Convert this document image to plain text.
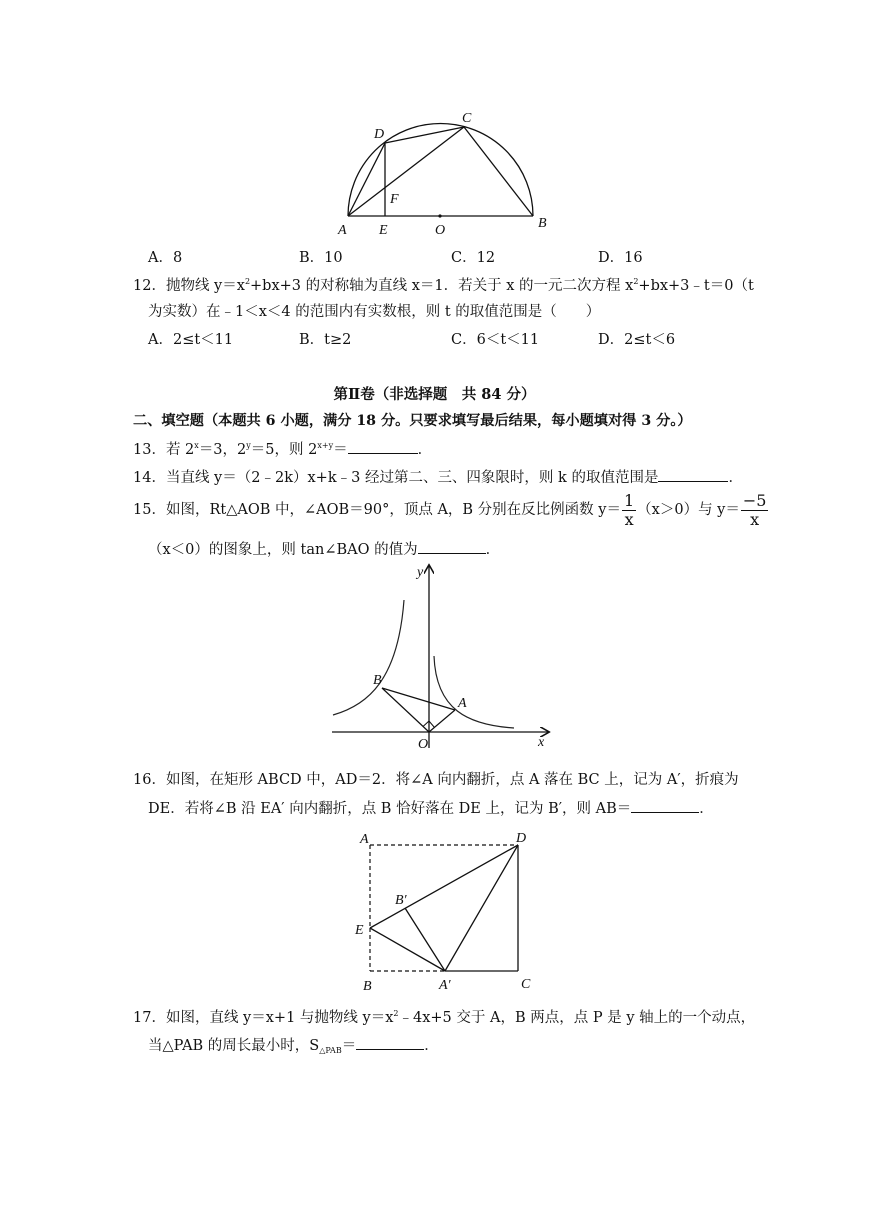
D
C
F
A E	O	B
A．8	B．10	C．12	D．16
12．抛物线 $y=x^2+bx+3$ 的对称轴为直线 x＝1．若关于 x 的一元二次方程 $x^2+bx+3﹣t=0(t$
为实数）在﹣1＜x＜4 的范围内有实数根，则 t 的取值范围是（　　）
A．2≤t＜11	B．t≥2	C．6＜t＜11	D．2≤t＜6
第Ⅱ卷（非选择题　共 84 分）
二、填空题（本题共 6 小题，满分 18 分。只要求填写最后结果，每小题填对得 3 分。）
13．若 $2^x=3$，$2^y=5$，则 $2^{x+y}=$	．
14．当直线 y＝（2﹣2k）x+k﹣3 经过第二、三、四象限时，则 k 的取值范围是	．
15．如图，Rt△AOB 中，∠AOB＝90°，顶点 A，B 分别在反比例函数 $y= \frac{1}{x} (x>0)$与 $y= \frac{-5}{x}$
（x＜0）的图象上，则 tan∠BAO 的值为	．
y
x
O
B
A
16．如图，在矩形 ABCD 中，AD＝2．将∠A 向内翻折，点 A 落在 BC 上，记为 A′，折痕为
DE．若将∠B 沿 EA′ 向内翻折，点 B 恰好落在 DE 上，记为 B′，则 AB＝	．
A	D
B′
E
B	A′	C
17．如图，直线 y＝x+1 与抛物线 $y=x^2﹣4x+5$ 交于 A，B 两点，点 P 是 y 轴上的一个动点，
当△PAB 的周长最小时，$S_{\triangle PAB}=$	．
